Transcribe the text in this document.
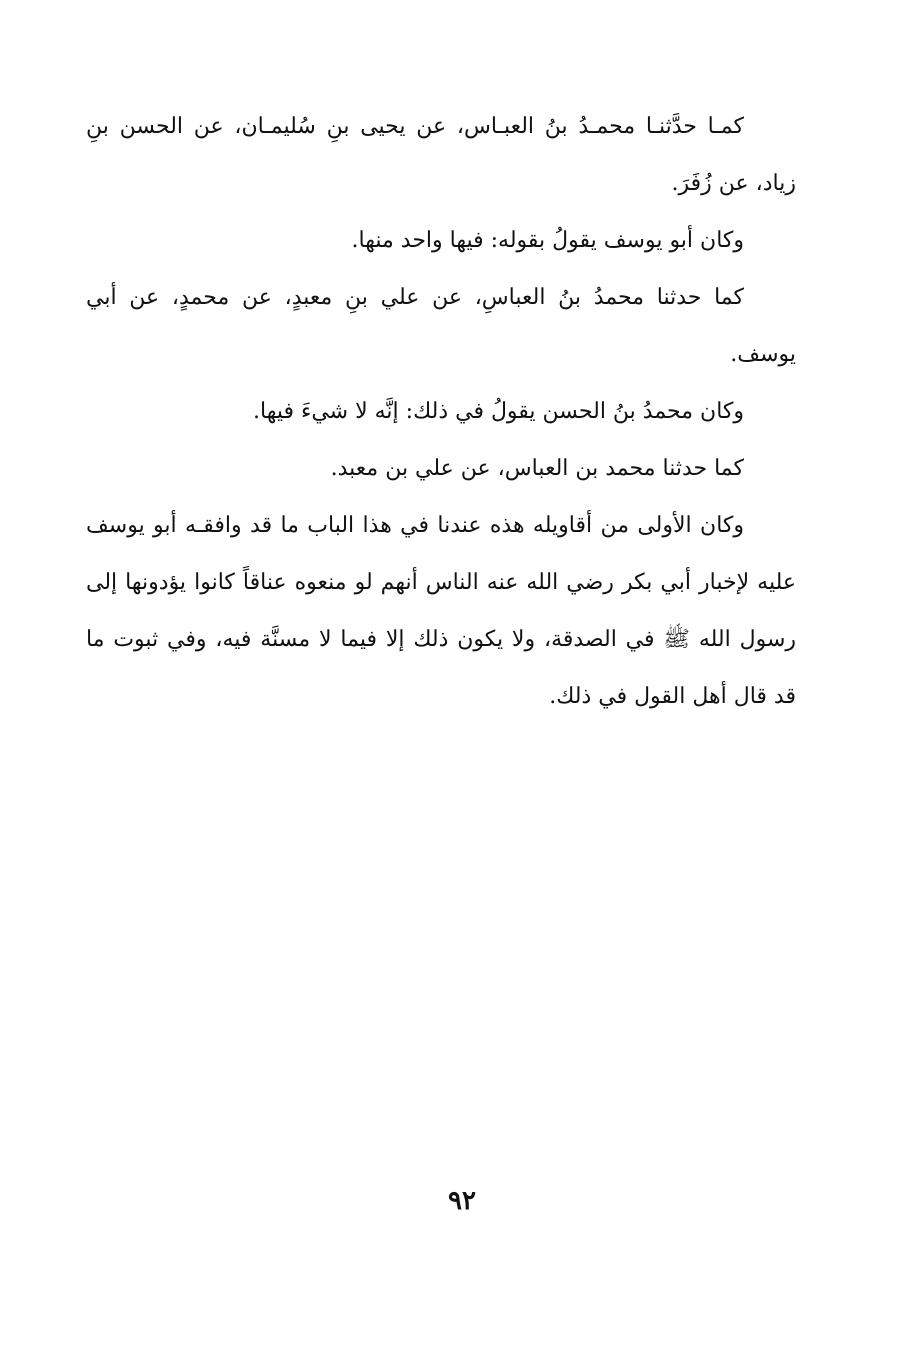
كمـا حدَّثنـا محمـدُ بنُ العبـاس، عن يحيى بنِ سُليمـان، عن الحسن بنِ زياد، عن زُفَرَ.

وكان أبو يوسف يقولُ بقوله: فيها واحد منها.

كما حدثنا محمدُ بنُ العباسِ، عن علي بنِ معبدٍ، عن محمدٍ، عن أبي يوسف.

وكان محمدُ بنُ الحسن يقولُ في ذلك: إنَّه لا شيءَ فيها.

كما حدثنا محمد بن العباس، عن علي بن معبد.

وكان الأولى من أقاويله هذه عندنا في هذا الباب ما قد وافقـه أبو يوسف عليه لإخبار أبي بكر رضي الله عنه الناس أنهم لو منعوه عناقاً كانوا يؤدونها إلى رسول الله ﷺ في الصدقة، ولا يكون ذلك إلا فيما لا مسنَّة فيه، وفي ثبوت ما قد قال أهل القول في ذلك.

٩٢
